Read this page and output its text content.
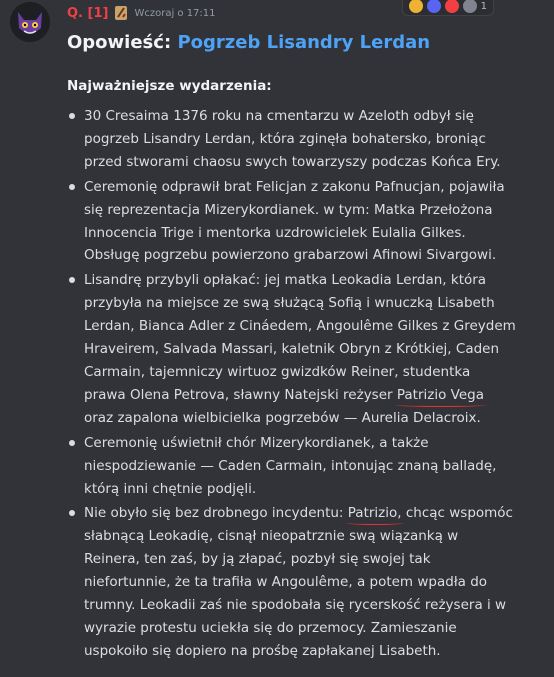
Q. [1]	Wczoraj o 17:11
1
Opowieść: Pogrzeb Lisandry Lerdan
Najważniejsze wydarzenia:
30 Cresaima 1376 roku na cmentarzu w Azeloth odbył się
pogrzeb Lisandry Lerdan, która zginęła bohatersko, broniąc
przed stworami chaosu swych towarzyszy podczas Końca Ery.
Ceremonię odprawił brat Felicjan z zakonu Pafnucjan, pojawiła
się reprezentacja Mizerykordianek. w tym: Matka Przełożona
Innocencia Trige i mentorka uzdrowicielek Eulalia Gilkes.
Obsługę pogrzebu powierzono grabarzowi Afinowi Sivargowi.
Lisandrę przybyli opłakać: jej matka Leokadia Lerdan, która
przybyła na miejsce ze swą służącą Sofią i wnuczką Lisabeth
Lerdan, Bianca Adler z Cináedem, Angoulême Gilkes z Greydem
Hraveirem, Salvada Massari, kaletnik Obryn z Krótkiej, Caden
Carmain, tajemniczy wirtuoz gwizdków Reiner, studentka
prawa Olena Petrova, sławny Natejski reżyser Patrizio Vega
oraz zapalona wielbicielka pogrzebów — Aurelia Delacroix.
Ceremonię uświetnił chór Mizerykordianek, a także
niespodziewanie — Caden Carmain, intonując znaną balladę,
którą inni chętnie podjęli.
Nie obyło się bez drobnego incydentu: Patrizio, chcąc wspomóc
słabnącą Leokadię, cisnął nieopatrznie swą wiązanką w
Reinera, ten zaś, by ją złapać, pozbył się swojej tak
niefortunnie, że ta trafiła w Angoulême, a potem wpadła do
trumny. Leokadii zaś nie spodobała się rycerskość reżysera i w
wyrazie protestu uciekła się do przemocy. Zamieszanie
uspokoiło się dopiero na prośbę zapłakanej Lisabeth.
